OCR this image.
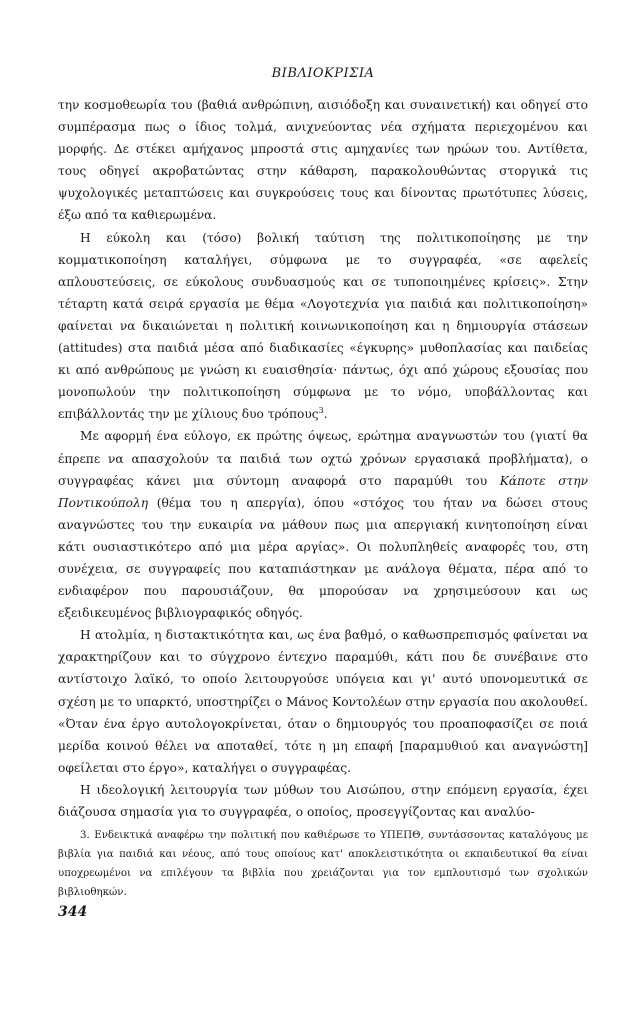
ΒΙΒΛΙΟΚΡΙΣΙΑ

την κοσμοθεωρία του (βαθιά ανθρώπινη, αισιόδοξη και συναινετική) και οδηγεί στο συμπέρασμα πως ο ίδιος τολμά, ανιχνεύοντας νέα σχήματα περιεχομένου και μορφής. Δε στέκει αμήχανος μπροστά στις αμηχανίες των ηρώων του. Αντίθετα, τους οδηγεί ακροβατώντας στην κάθαρση, παρακολουθώντας στοργικά τις ψυχολογικές μεταπτώσεις και συγκρούσεις τους και δίνοντας πρωτότυπες λύσεις, έξω από τα καθιερωμένα.

Η εύκολη και (τόσο) βολική ταύτιση της πολιτικοποίησης με την κομματικοποίηση καταλήγει, σύμφωνα με το συγγραφέα, «σε αφελείς απλουστεύσεις, σε εύκολους συνδυασμούς και σε τυποποιημένες κρίσεις». Στην τέταρτη κατά σειρά εργασία με θέμα «Λογοτεχνία για παιδιά και πολιτικοποίηση» φαίνεται να δικαιώνεται η πολιτική κοινωνικοποίηση και η δημιουργία στάσεων (attitudes) στα παιδιά μέσα από διαδικασίες «έγκυρης» μυθοπλασίας και παιδείας κι από ανθρώπους με γνώση κι ευαισθησία· πάντως, όχι από χώρους εξουσίας που μονοπωλούν την πολιτικοποίηση σύμφωνα με το νόμο, υποβάλλοντας και επιβάλλοντάς την με χίλιους δυο τρόπους$^3$.

Με αφορμή ένα εύλογο, εκ πρώτης όψεως, ερώτημα αναγνωστών του (γιατί θα έπρεπε να απασχολούν τα παιδιά των οχτώ χρόνων εργασιακά προβλήματα), ο συγγραφέας κάνει μια σύντομη αναφορά στο παραμύθι του Κάποτε στην Ποντικούπολη (θέμα του η απεργία), όπου «στόχος του ήταν να δώσει στους αναγνώστες του την ευκαιρία να μάθουν πως μια απεργιακή κινητοποίηση είναι κάτι ουσιαστικότερο από μια μέρα αργίας». Οι πολυπληθείς αναφορές του, στη συνέχεια, σε συγγραφείς που καταπιάστηκαν με ανάλογα θέματα, πέρα από το ενδιαφέρον που παρουσιάζουν, θα μπορούσαν να χρησιμεύσουν και ως εξειδικευμένος βιβλιογραφικός οδηγός.

Η ατολμία, η διστακτικότητα και, ως ένα βαθμό, ο καθωσπρεπισμός φαίνεται να χαρακτηρίζουν και το σύγχρονο έντεχνο παραμύθι, κάτι που δε συνέβαινε στο αντίστοιχο λαϊκό, το οποίο λειτουργούσε υπόγεια και γι' αυτό υπονομευτικά σε σχέση με το υπαρκτό, υποστηρίζει ο Μάνος Κοντολέων στην εργασία που ακολουθεί. «Όταν ένα έργο αυτολογοκρίνεται, όταν ο δημιουργός του προαποφασίζει σε ποιά μερίδα κοινού θέλει να αποταθεί, τότε η μη επαφή [παραμυθιού και αναγνώστη] οφείλεται στο έργο», καταλήγει ο συγγραφέας.

Η ιδεολογική λειτουργία των μύθων του Αισώπου, στην επόμενη εργασία, έχει διάζουσα σημασία για το συγγραφέα, ο οποίος, προσεγγίζοντας και αναλύο-

3. Ενδεικτικά αναφέρω την πολιτική που καθιέρωσε το ΥΠΕΠΘ, συντάσσοντας καταλόγους με βιβλία για παιδιά και νέους, από τους οποίους κατ' αποκλειστικότητα οι εκπαιδευτικοί θα είναι υποχρεωμένοι να επιλέγουν τα βιβλία που χρειάζονται για τον εμπλουτισμό των σχολικών βιβλιοθηκών.

344
